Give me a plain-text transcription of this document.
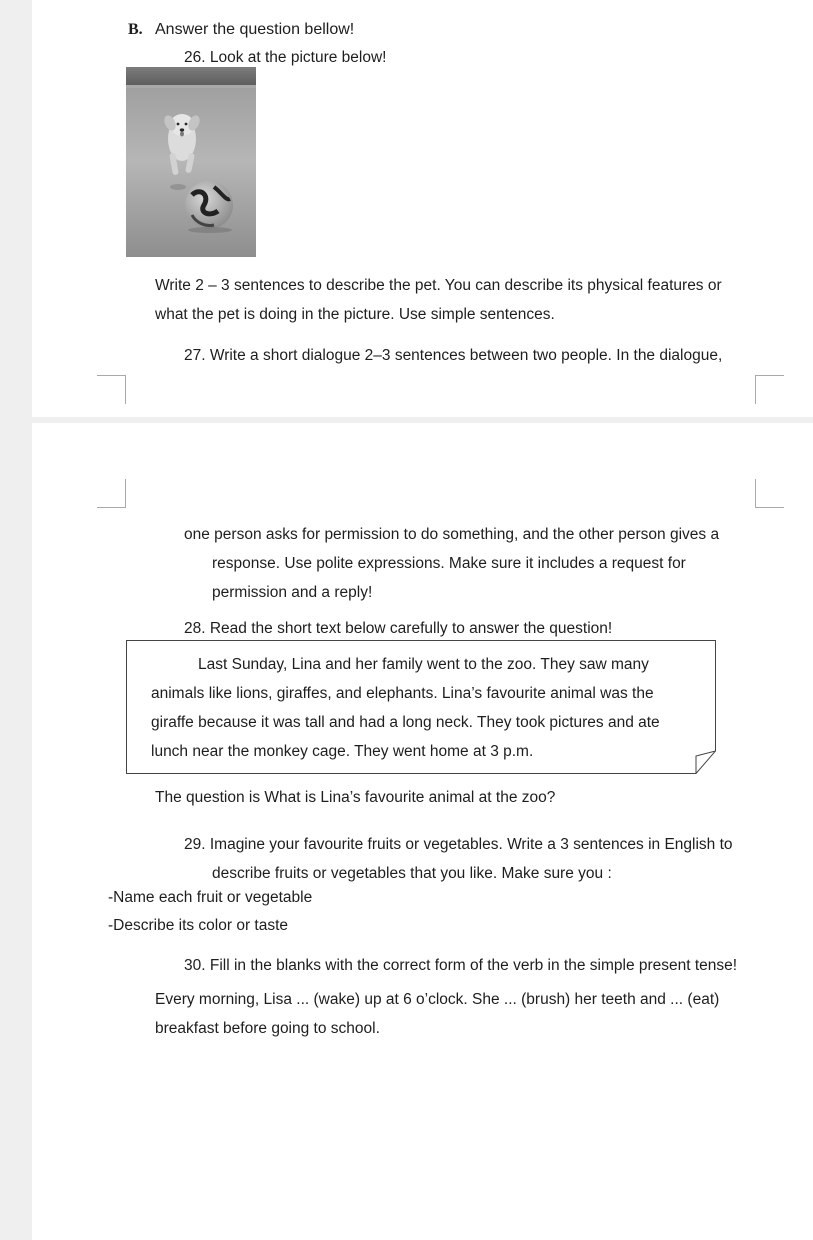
B. Answer the question bellow!
26. Look at the picture below!
Write 2 – 3 sentences to describe the pet. You can describe its physical features or
what the pet is doing in the picture. Use simple sentences.
27. Write a short dialogue 2–3 sentences between two people. In the dialogue,
one person asks for permission to do something, and the other person gives a
response. Use polite expressions. Make sure it includes a request for
permission and a reply!
28. Read the short text below carefully to answer the question!
Last Sunday, Lina and her family went to the zoo. They saw many
animals like lions, giraffes, and elephants. Lina’s favourite animal was the
giraffe because it was tall and had a long neck. They took pictures and ate
lunch near the monkey cage. They went home at 3 p.m.
The question is What is Lina’s favourite animal at the zoo?
29. Imagine your favourite fruits or vegetables. Write a 3 sentences in English to
describe fruits or vegetables that you like. Make sure you :
-Name each fruit or vegetable
-Describe its color or taste
30. Fill in the blanks with the correct form of the verb in the simple present tense!
Every morning, Lisa ... (wake) up at 6 o’clock. She ... (brush) her teeth and ... (eat)
breakfast before going to school.
